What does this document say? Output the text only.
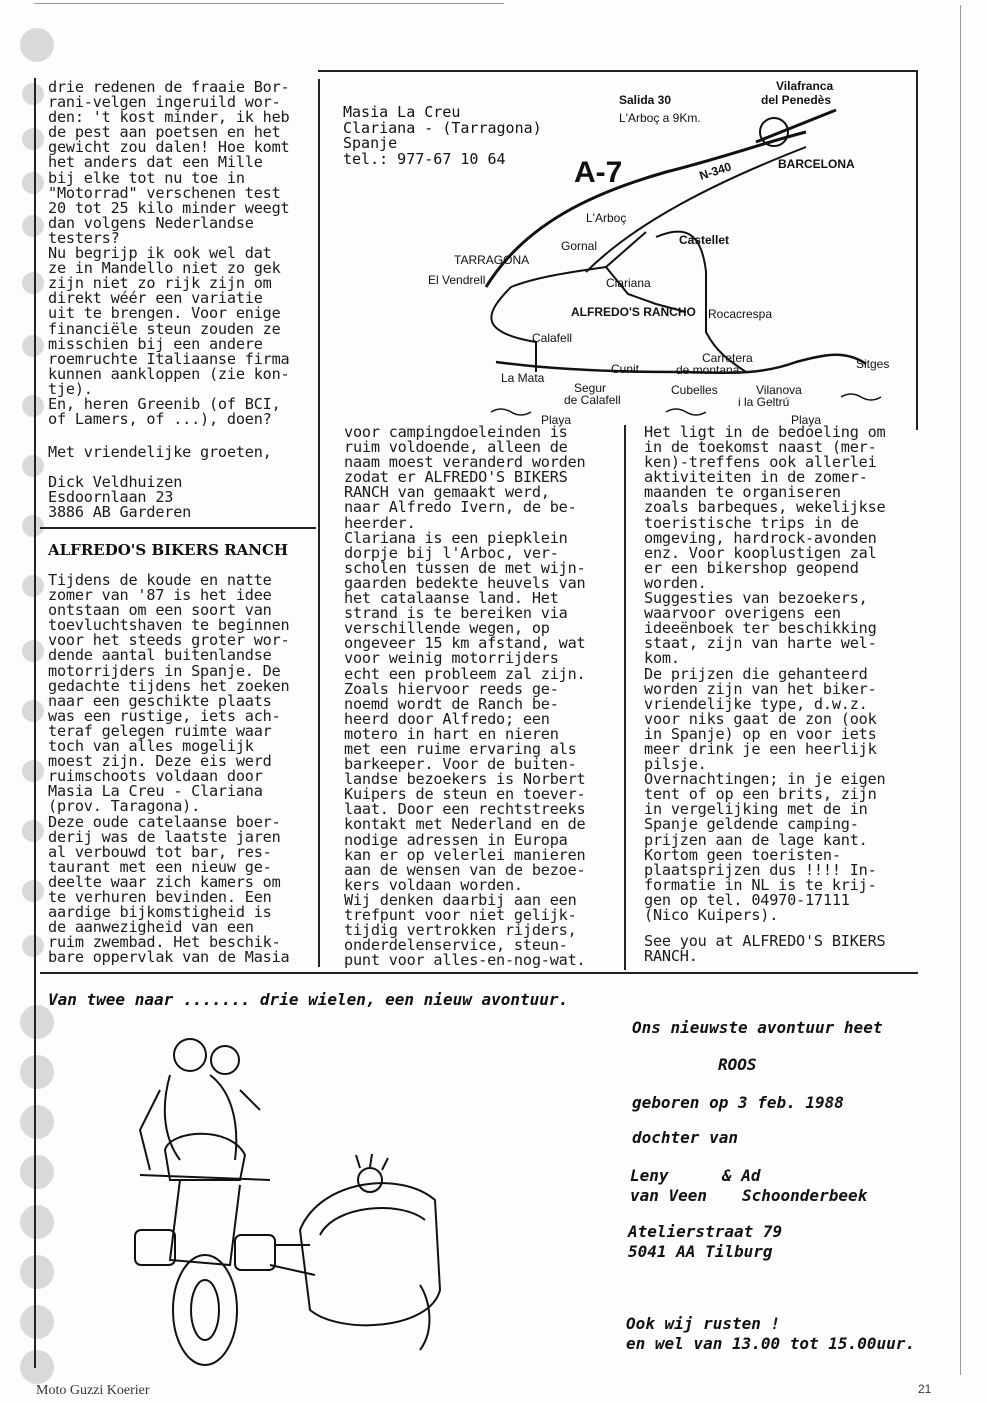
drie redenen de fraaie Bor-
rani-velgen ingeruild wor-
den: 't kost minder, ik heb
de pest aan poetsen en het
gewicht zou dalen! Hoe komt
het anders dat een Mille
bij elke tot nu toe in
"Motorrad" verschenen test
20 tot 25 kilo minder weegt
dan volgens Nederlandse
testers?
Nu begrijp ik ook wel dat
ze in Mandello niet zo gek
zijn niet zo rijk zijn om
direkt wéér een variatie
uit te brengen. Voor enige
financiële steun zouden ze
misschien bij een andere
roemruchte Italiaanse firma
kunnen aankloppen (zie kon-
tje).
En, heren Greenib (of BCI,
of Lamers, of ...), doen?
Met vriendelijke groeten,
Dick Veldhuizen
Esdoornlaan 23
3886 AB Garderen
ALFREDO'S BIKERS RANCH
Tijdens de koude en natte
zomer van '87 is het idee
ontstaan om een soort van
toevluchtshaven te beginnen
voor het steeds groter wor-
dende aantal buitenlandse
motorrijders in Spanje. De
gedachte tijdens het zoeken
naar een geschikte plaats
was een rustige, iets ach-
teraf gelegen ruimte waar
toch van alles mogelijk
moest zijn. Deze eis werd
ruimschoots voldaan door
Masia La Creu - Clariana
(prov. Taragona).
Deze oude catelaanse boer-
derij was de laatste jaren
al verbouwd tot bar, res-
taurant met een nieuw ge-
deelte waar zich kamers om
te verhuren bevinden. Een
aardige bijkomstigheid is
de aanwezigheid van een
ruim zwembad. Het beschik-
bare oppervlak van de Masia
voor campingdoeleinden is
ruim voldoende, alleen de
naam moest veranderd worden
zodat er ALFREDO'S BIKERS
RANCH van gemaakt werd,
naar Alfredo Ivern, de be-
heerder.
Clariana is een piepklein
dorpje bij l'Arboc, ver-
scholen tussen de met wijn-
gaarden bedekte heuvels van
het catalaanse land. Het
strand is te bereiken via
verschillende wegen, op
ongeveer 15 km afstand, wat
voor weinig motorrijders
echt een probleem zal zijn.
Zoals hiervoor reeds ge-
noemd wordt de Ranch be-
heerd door Alfredo; een
motero in hart en nieren
met een ruime ervaring als
barkeeper. Voor de buiten-
landse bezoekers is Norbert
Kuipers de steun en toever-
laat. Door een rechtstreeks
kontakt met Nederland en de
nodige adressen in Europa
kan er op velerlei manieren
aan de wensen van de bezoe-
kers voldaan worden.
Wij denken daarbij aan een
trefpunt voor niet gelijk-
tijdig vertrokken rijders,
onderdelenservice, steun-
punt voor alles-en-nog-wat.
Het ligt in de bedoeling om
in de toekomst naast (mer-
ken)-treffens ook allerlei
aktiviteiten in de zomer-
maanden te organiseren
zoals barbeques, wekelijkse
toeristische trips in de
omgeving, hardrock-avonden
enz. Voor kooplustigen zal
er een bikershop geopend
worden.
Suggesties van bezoekers,
waarvoor overigens een
ideeënboek ter beschikking
staat, zijn van harte wel-
kom.
De prijzen die gehanteerd
worden zijn van het biker-
vriendelijke type, d.w.z.
voor niks gaat de zon (ook
in Spanje) op en voor iets
meer drink je een heerlijk
pilsje.
Overnachtingen; in je eigen
tent of op een brits, zijn
in vergelijking met de in
Spanje geldende camping-
prijzen aan de lage kant.
Kortom geen toeristen-
plaatsprijzen dus !!!! In-
formatie in NL is te krij-
gen op tel. 04970-17111
(Nico Kuipers).
See you at ALFREDO'S BIKERS
RANCH.
Masia La Creu
Clariana - (Tarragona)
Spanje
tel.: 977-67 10 64	A-7	N-340
Salida 30
L'Arboç a 9Km.
Vilafranca
del Penedès
BARCELONA
L'Arboç
Gornal	Castellet
TARRAGONA
El Vendrell	Clariana
ALFREDO'S RANCHO Rocacrespa
Calafell
Carretera
de montana	Sitges
La Mata
Cunit
Segur
de Calafell
Cubelles	Vilanova
i la Geltrú
Playa	Playa
Van twee naar ....... drie wielen, een nieuw avontuur.
Ons nieuwste avontuur heet
ROOS
geboren op 3 feb. 1988
dochter van
Leny
van Veen
& Ad
Schoonderbeek
Atelierstraat 79
5041 AA Tilburg
Ook wij rusten !
en wel van 13.00 tot 15.00uur.
Moto Guzzi Koerier	21
